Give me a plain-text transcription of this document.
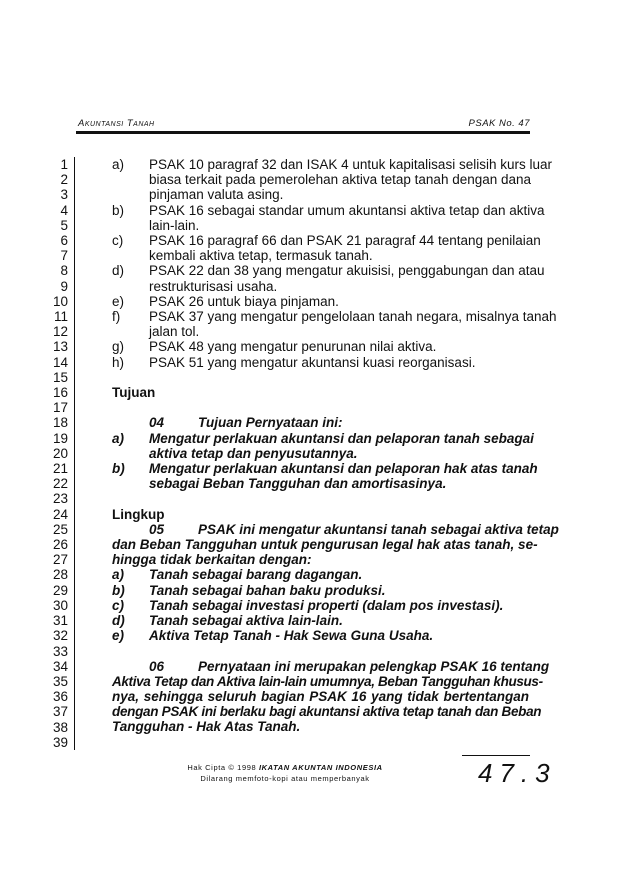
Akuntansi Tanah	PSAK No. 47
1
2
3
4
5
6
7
8
9
10
11
12
13
14
15
16
17
18
19
20
21
22
23
24
25
26
27
28
29
30
31
32
33
34
35
36
37
38
39
a) PSAK 10 paragraf 32 dan ISAK 4 untuk kapitalisasi selisih kurs luar
biasa terkait pada pemerolehan aktiva tetap tanah dengan dana
pinjaman valuta asing.
b) PSAK 16 sebagai standar umum akuntansi aktiva tetap dan aktiva
lain-lain.
c) PSAK 16 paragraf 66 dan PSAK 21 paragraf 44 tentang penilaian
kembali aktiva tetap, termasuk tanah.
d) PSAK 22 dan 38 yang mengatur akuisisi, penggabungan dan atau
restrukturisasi usaha.
e) PSAK 26 untuk biaya pinjaman.
f) PSAK 37 yang mengatur pengelolaan tanah negara, misalnya tanah
jalan tol.
g) PSAK 48 yang mengatur penurunan nilai aktiva.
h) PSAK 51 yang mengatur akuntansi kuasi reorganisasi.
Tujuan
04	Tujuan Pernyataan ini:
a) Mengatur perlakuan akuntansi dan pelaporan tanah sebagai
aktiva tetap dan penyusutannya.
b) Mengatur perlakuan akuntansi dan pelaporan hak atas tanah
sebagai Beban Tangguhan dan amortisasinya.
Lingkup
05	PSAK ini mengatur akuntansi tanah sebagai aktiva tetap
dan Beban Tangguhan untuk pengurusan legal hak atas tanah, se-
hingga tidak berkaitan dengan:
a) Tanah sebagai barang dagangan.
b) Tanah sebagai bahan baku produksi.
c) Tanah sebagai investasi properti (dalam pos investasi).
d) Tanah sebagai aktiva lain-lain.
e) Aktiva Tetap Tanah - Hak Sewa Guna Usaha.
06	Pernyataan ini merupakan pelengkap PSAK 16 tentang
Aktiva Tetap dan Aktiva lain-lain umumnya, Beban Tangguhan khusus-
nya, sehingga seluruh bagian PSAK 16 yang tidak bertentangan
dengan PSAK ini berlaku bagi akuntansi aktiva tetap tanah dan Beban
Tangguhan - Hak Atas Tanah.
Hak Cipta © 1998 IKATAN AKUNTAN INDONESIA
Dilarang memfoto-kopi atau memperbanyak	47.3
